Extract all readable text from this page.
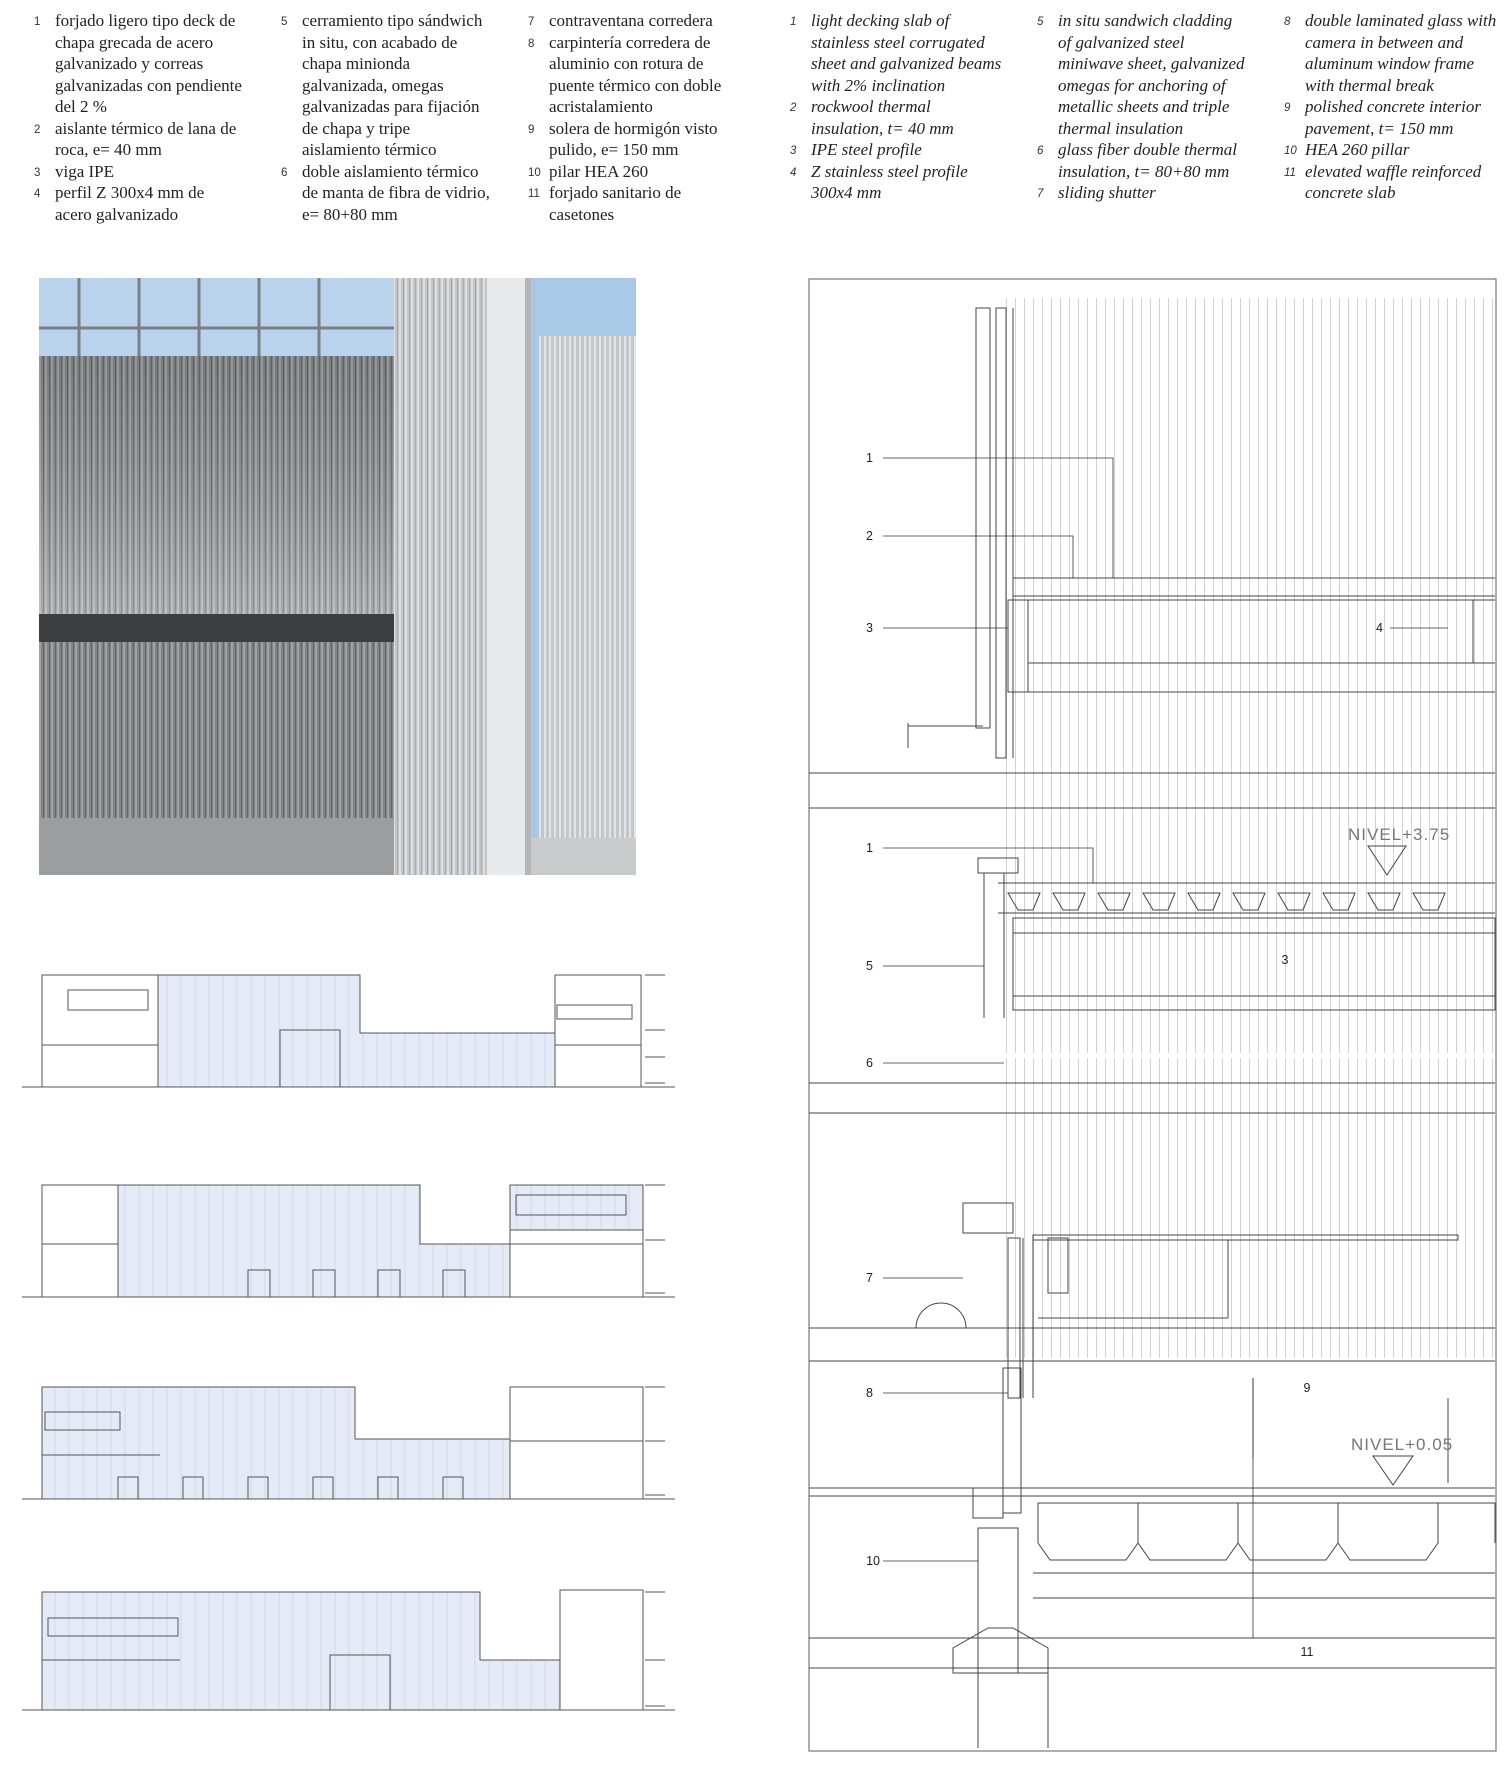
1 forjado ligero tipo deck de chapa grecada de acero galvanizado y correas galvanizadas con pendiente del 2 %
2 aislante térmico de lana de roca, e= 40 mm
3 viga IPE
4 perfil Z 300x4 mm de acero galvanizado
5 cerramiento tipo sándwich in situ, con acabado de chapa minionda galvanizada, omegas galvanizadas para fijación de chapa y tripe aislamiento térmico
6 doble aislamiento térmico de manta de fibra de vidrio, e= 80+80 mm
7 contraventana corredera
8 carpintería corredera de aluminio con rotura de puente térmico con doble acristalamiento
9 solera de hormigón visto pulido, e= 150 mm
10 pilar HEA 260
11 forjado sanitario de casetones
1 light decking slab of stainless steel corrugated sheet and galvanized beams with 2% inclination
2 rockwool thermal insulation, t= 40 mm
3 IPE steel profile
4 Z stainless steel profile 300x4 mm
5 in situ sandwich cladding of galvanized steel miniwave sheet, galvanized omegas for anchoring of metallic sheets and triple thermal insulation
6 glass fiber double thermal insulation, t= 80+80 mm
7 sliding shutter
8 double laminated glass with camera in between and aluminum window frame with thermal break
9 polished concrete interior pavement, t= 150 mm
10 HEA 260 pillar
11 elevated waffle reinforced concrete slab
1
2
3	4
1
5	3
6
7
8	9
10
11
NIVEL+3.75
NIVEL+0.05
